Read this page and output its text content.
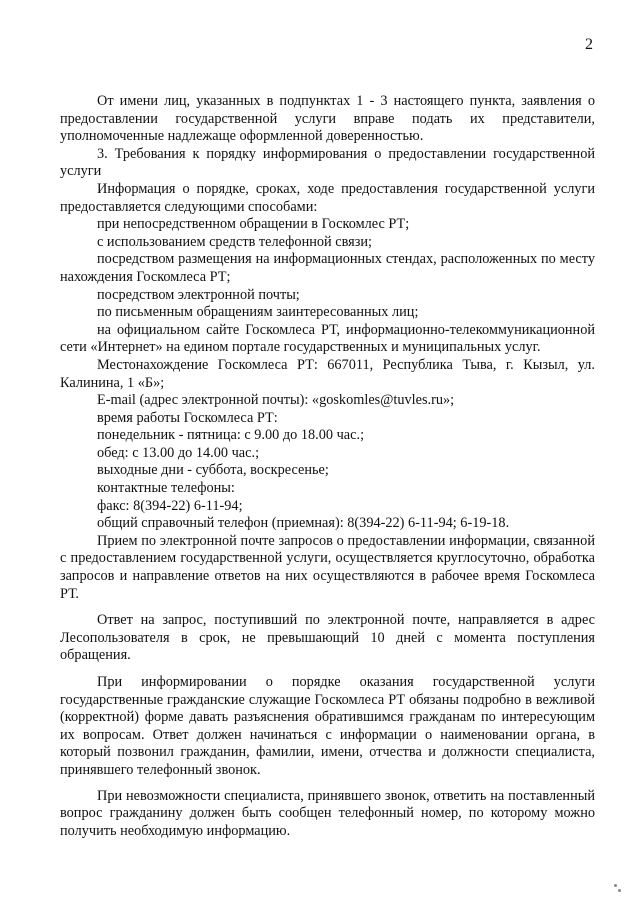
2

От имени лиц, указанных в подпунктах 1 - 3 настоящего пункта, заявления о предоставлении государственной услуги вправе подать их представители, уполномоченные надлежаще оформленной доверенностью.

3. Требования к порядку информирования о предоставлении государственной услуги

Информация о порядке, сроках, ходе предоставления государственной услуги предоставляется следующими способами:

при непосредственном обращении в Госкомлес РТ;

с использованием средств телефонной связи;

посредством размещения на информационных стендах, расположенных по месту нахождения Госкомлеса РТ;

посредством электронной почты;

по письменным обращениям заинтересованных лиц;

на официальном сайте Госкомлеса РТ, информационно-телекоммуникационной сети «Интернет» на едином портале государственных и муниципальных услуг.

Местонахождение Госкомлеса РТ: 667011, Республика Тыва, г. Кызыл, ул. Калинина, 1 «Б»;

E-mail (адрес электронной почты): «goskomles@tuvles.ru»;

время работы Госкомлеса РТ:

понедельник - пятница: с 9.00 до 18.00 час.;

обед: с 13.00 до 14.00 час.;

выходные дни - суббота, воскресенье;

контактные телефоны:

факс: 8(394-22) 6-11-94;

общий справочный телефон (приемная): 8(394-22) 6-11-94; 6-19-18.

Прием по электронной почте запросов о предоставлении информации, связанной с предоставлением государственной услуги, осуществляется круглосуточно, обработка запросов и направление ответов на них осуществляются в рабочее время Госкомлеса РТ.

Ответ на запрос, поступивший по электронной почте, направляется в адрес Лесопользователя в срок, не превышающий 10 дней с момента поступления обращения.

При информировании о порядке оказания государственной услуги государственные гражданские служащие Госкомлеса РТ обязаны подробно в вежливой (корректной) форме давать разъяснения обратившимся гражданам по интересующим их вопросам. Ответ должен начинаться с информации о наименовании органа, в который позвонил гражданин, фамилии, имени, отчества и должности специалиста, принявшего телефонный звонок.

При невозможности специалиста, принявшего звонок, ответить на поставленный вопрос гражданину должен быть сообщен телефонный номер, по которому можно получить необходимую информацию.
